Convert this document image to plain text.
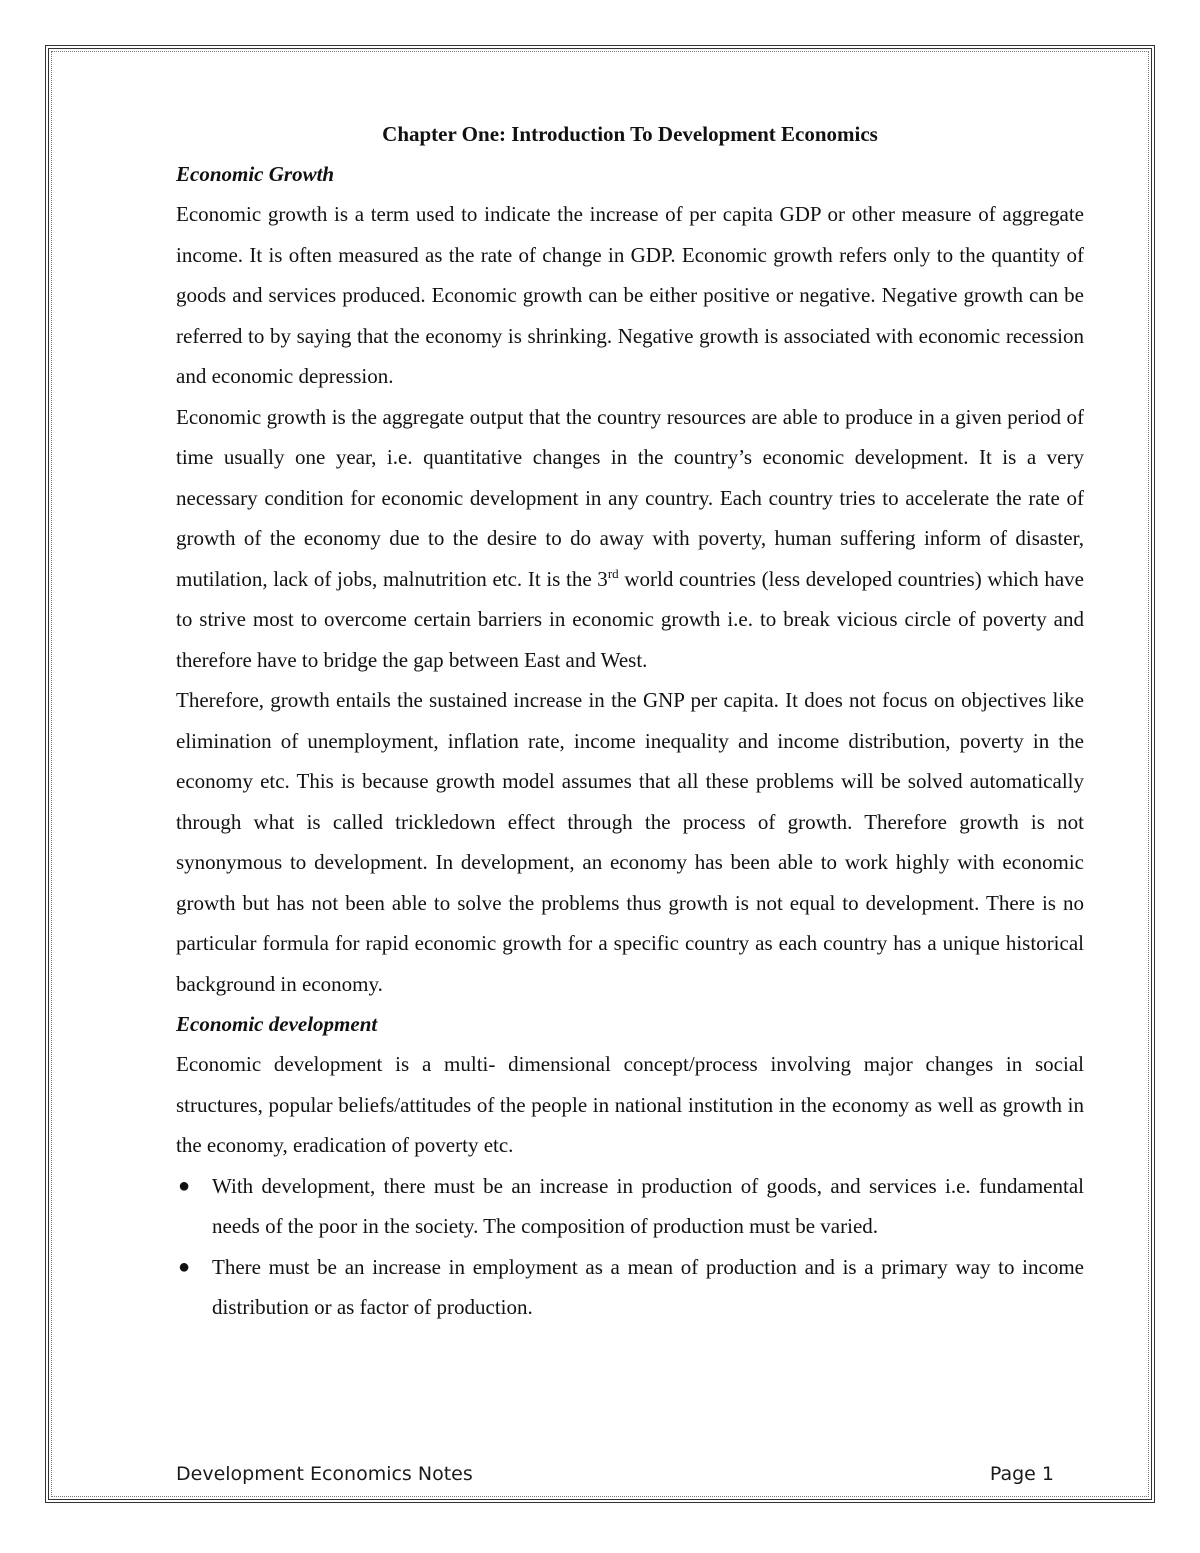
Chapter One: Introduction To Development Economics
Economic Growth

Economic growth is a term used to indicate the increase of per capita GDP or other measure of aggregate income. It is often measured as the rate of change in GDP. Economic growth refers only to the quantity of goods and services produced. Economic growth can be either positive or negative. Negative growth can be referred to by saying that the economy is shrinking. Negative growth is associated with economic recession and economic depression.

Economic growth is the aggregate output that the country resources are able to produce in a given period of time usually one year, i.e. quantitative changes in the country’s economic development. It is a very necessary condition for economic development in any country. Each country tries to accelerate the rate of growth of the economy due to the desire to do away with poverty, human suffering inform of disaster, mutilation, lack of jobs, malnutrition etc. It is the 3rd world countries (less developed countries) which have to strive most to overcome certain barriers in economic growth i.e. to break vicious circle of poverty and therefore have to bridge the gap between East and West.

Therefore, growth entails the sustained increase in the GNP per capita. It does not focus on objectives like elimination of unemployment, inflation rate, income inequality and income distribution, poverty in the economy etc. This is because growth model assumes that all these problems will be solved automatically through what is called trickledown effect through the process of growth. Therefore growth is not synonymous to development. In development, an economy has been able to work highly with economic growth but has not been able to solve the problems thus growth is not equal to development. There is no particular formula for rapid economic growth for a specific country as each country has a unique historical background in economy.

Economic development

Economic development is a multi- dimensional concept/process involving major changes in social structures, popular beliefs/attitudes of the people in national institution in the economy as well as growth in the economy, eradication of poverty etc.

● With development, there must be an increase in production of goods, and services i.e. fundamental needs of the poor in the society. The composition of production must be varied.
● There must be an increase in employment as a mean of production and is a primary way to income distribution or as factor of production.
Development Economics Notes	Page 1
